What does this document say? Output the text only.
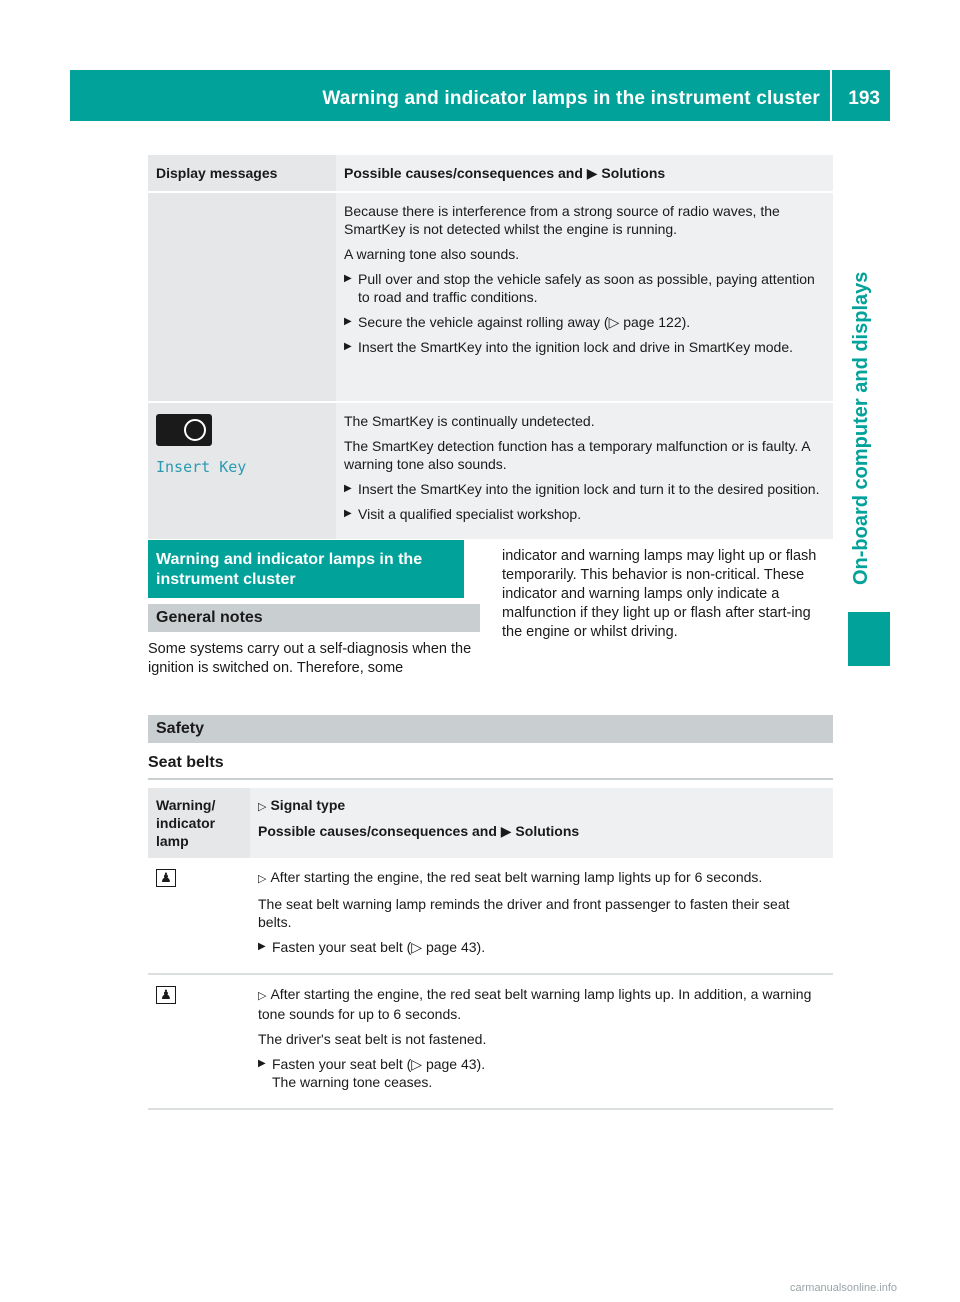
Warning and indicator lamps in the instrument cluster 193
On-board computer and displays
Display messages	Possible causes/consequences and ▶ Solutions

	Because there is interference from a strong source of radio waves, the SmartKey is not detected whilst the engine is running.

A warning tone also sounds.

▶ Pull over and stop the vehicle safely as soon as possible, paying attention to road and traffic conditions.

▶ Secure the vehicle against rolling away (▷ page 122).

▶ Insert the SmartKey into the ignition lock and drive in SmartKey mode.

Insert Key	The SmartKey is continually undetected.

The SmartKey detection function has a temporary malfunction or is faulty. A warning tone also sounds.

▶ Insert the SmartKey into the ignition lock and turn it to the desired position.

▶ Visit a qualified specialist workshop.

Warning and indicator lamps in the instrument cluster
General notes
Some systems carry out a self-diagnosis when the ignition is switched on. Therefore, some
indicator and warning lamps may light up or flash temporarily. This behavior is non-critical. These indicator and warning lamps only indicate a malfunction if they light up or flash after start-ing the engine or whilst driving.
Safety
Seat belts
Warning/ indicator lamp	▷ Signal type
Possible causes/consequences and ▶ Solutions

♟	▷ After starting the engine, the red seat belt warning lamp lights up for 6 seconds.

The seat belt warning lamp reminds the driver and front passenger to fasten their seat belts.

▶ Fasten your seat belt (▷ page 43).

♟	▷ After starting the engine, the red seat belt warning lamp lights up. In addition, a warning tone sounds for up to 6 seconds.

The driver's seat belt is not fastened.

▶ Fasten your seat belt (▷ page 43).

The warning tone ceases.

carmanualsonline.info
